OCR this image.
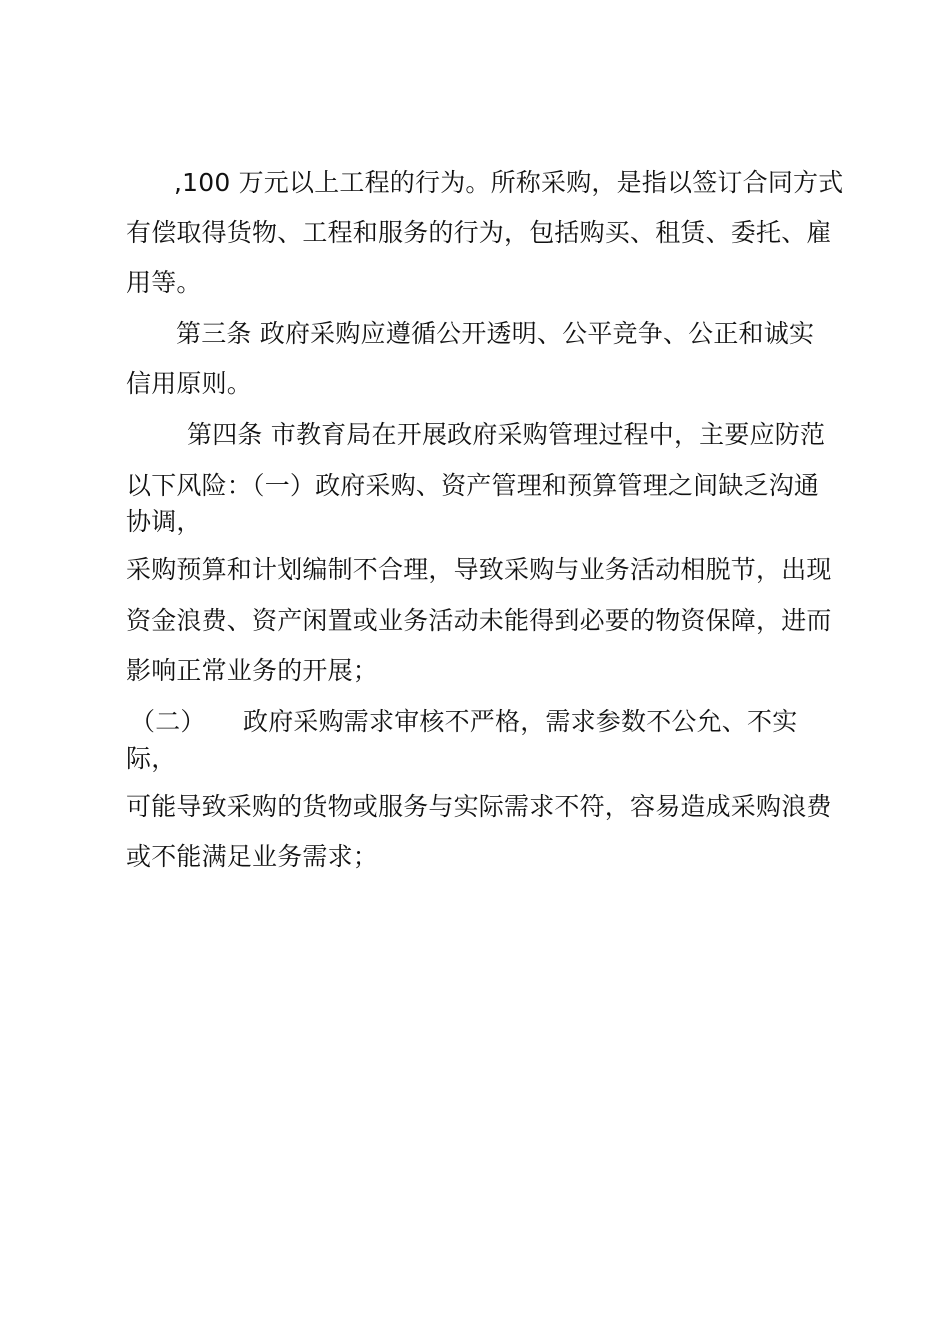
,100 万元以上工程的行为。所称采购，是指以签订合同方式
有偿取得货物、工程和服务的行为，包括购买、租赁、委托、雇
用等。
第三条 政府采购应遵循公开透明、公平竞争、公正和诚实
信用原则。
第四条 市教育局在开展政府采购管理过程中，主要应防范
以下风险：（一）政府采购、资产管理和预算管理之间缺乏沟通
协调，
采购预算和计划编制不合理，导致采购与业务活动相脱节，出现
资金浪费、资产闲置或业务活动未能得到必要的物资保障，进而
影响正常业务的开展；
（二） 政府采购需求审核不严格，需求参数不公允、不实
际，
可能导致采购的货物或服务与实际需求不符，容易造成采购浪费
或不能满足业务需求；
